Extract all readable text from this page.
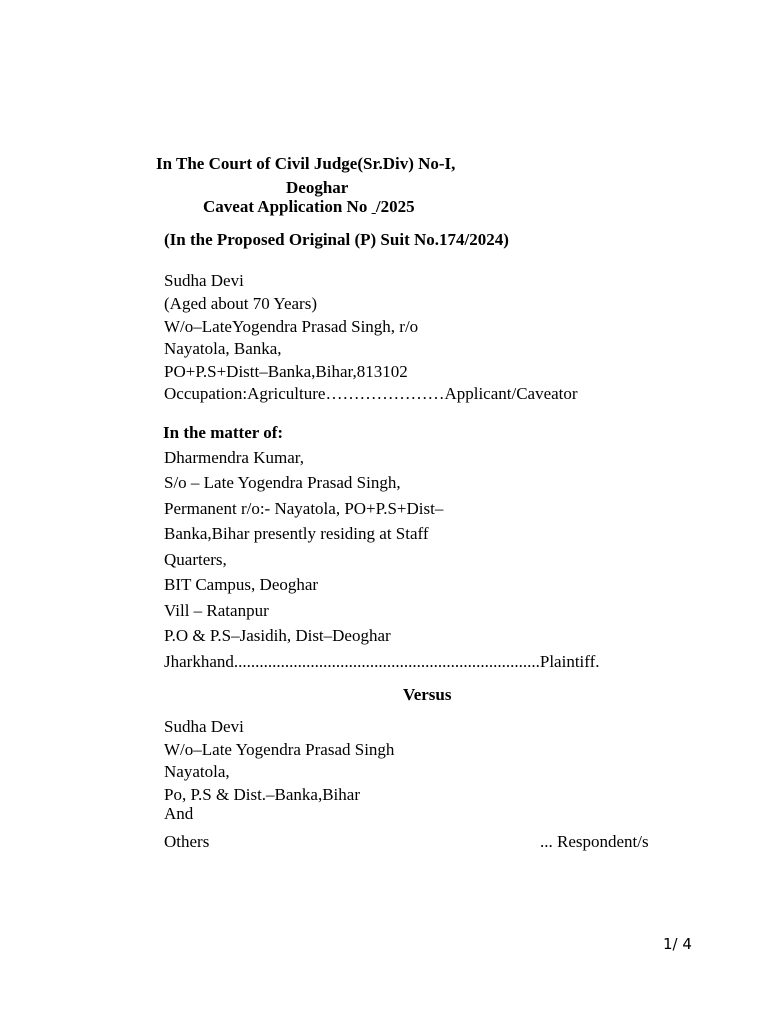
In The Court of Civil Judge(Sr.Div) No-I,
Deoghar
Caveat Application No  /2025
(In the Proposed Original (P) Suit No.174/2024)
Sudha Devi
(Aged about 70 Years)
W/o–LateYogendra Prasad Singh, r/o
Nayatola, Banka,
PO+P.S+Distt–Banka,Bihar,813102
Occupation:Agriculture…………………Applicant/Caveator
In the matter of:
Dharmendra Kumar,
S/o – Late Yogendra Prasad Singh,
Permanent r/o:- Nayatola, PO+P.S+Dist–
Banka,Bihar presently residing at Staff
Quarters,
BIT Campus, Deoghar
Vill – Ratanpur
P.O & P.S–Jasidih, Dist–Deoghar
Jharkhand........................................................................Plaintiff.
Versus
Sudha Devi
W/o–Late Yogendra Prasad Singh
Nayatola,
Po, P.S & Dist.–Banka,Bihar
And
Others	... Respondent/s
1/ 4
